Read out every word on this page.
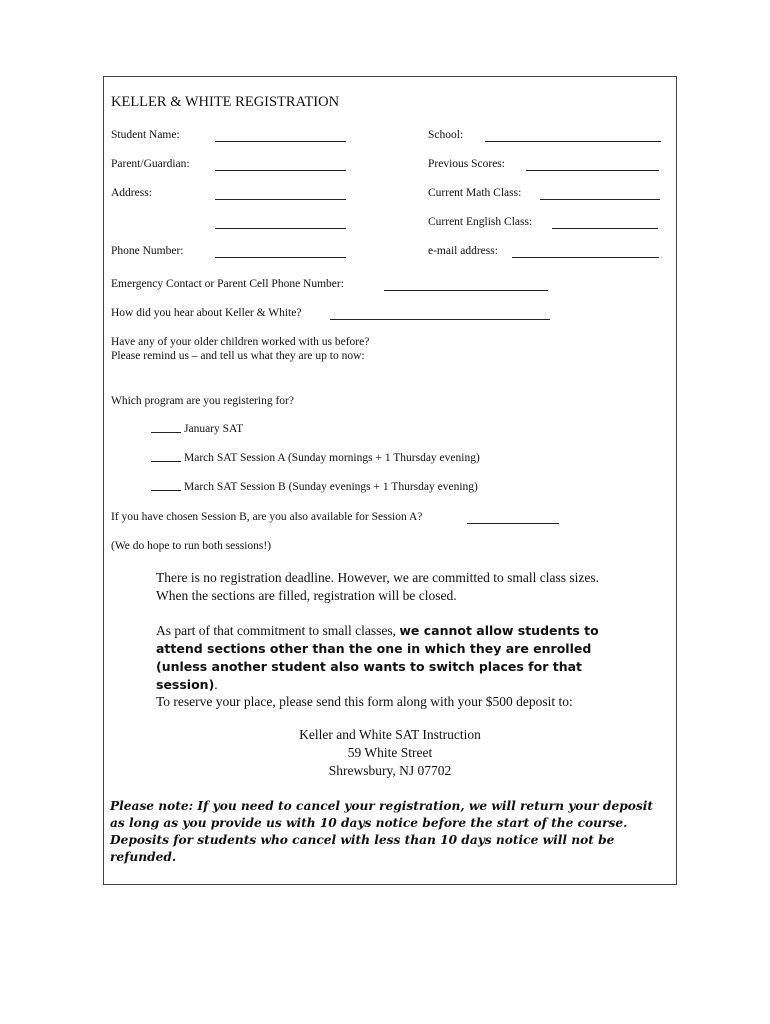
KELLER & WHITE REGISTRATION
Student Name:
Parent/Guardian:
Address:
Phone Number:
School:
Previous Scores:
Current Math Class:
Current English Class:
e-mail address:
Emergency Contact or Parent Cell Phone Number:
How did you hear about Keller & White?
Have any of your older children worked with us before?
Please remind us – and tell us what they are up to now:
Which program are you registering for?
January SAT
March SAT Session A (Sunday mornings + 1 Thursday evening)
March SAT Session B (Sunday evenings + 1 Thursday evening)
If you have chosen Session B, are you also available for Session A?
(We do hope to run both sessions!)
There is no registration deadline. However, we are committed to small class sizes. When the sections are filled, registration will be closed.
As part of that commitment to small classes, we cannot allow students to attend sections other than the one in which they are enrolled (unless another student also wants to switch places for that session).
To reserve your place, please send this form along with your $500 deposit to:
Keller and White SAT Instruction
59 White Street
Shrewsbury, NJ 07702
Please note: If you need to cancel your registration, we will return your deposit as long as you provide us with 10 days notice before the start of the course. Deposits for students who cancel with less than 10 days notice will not be refunded.
